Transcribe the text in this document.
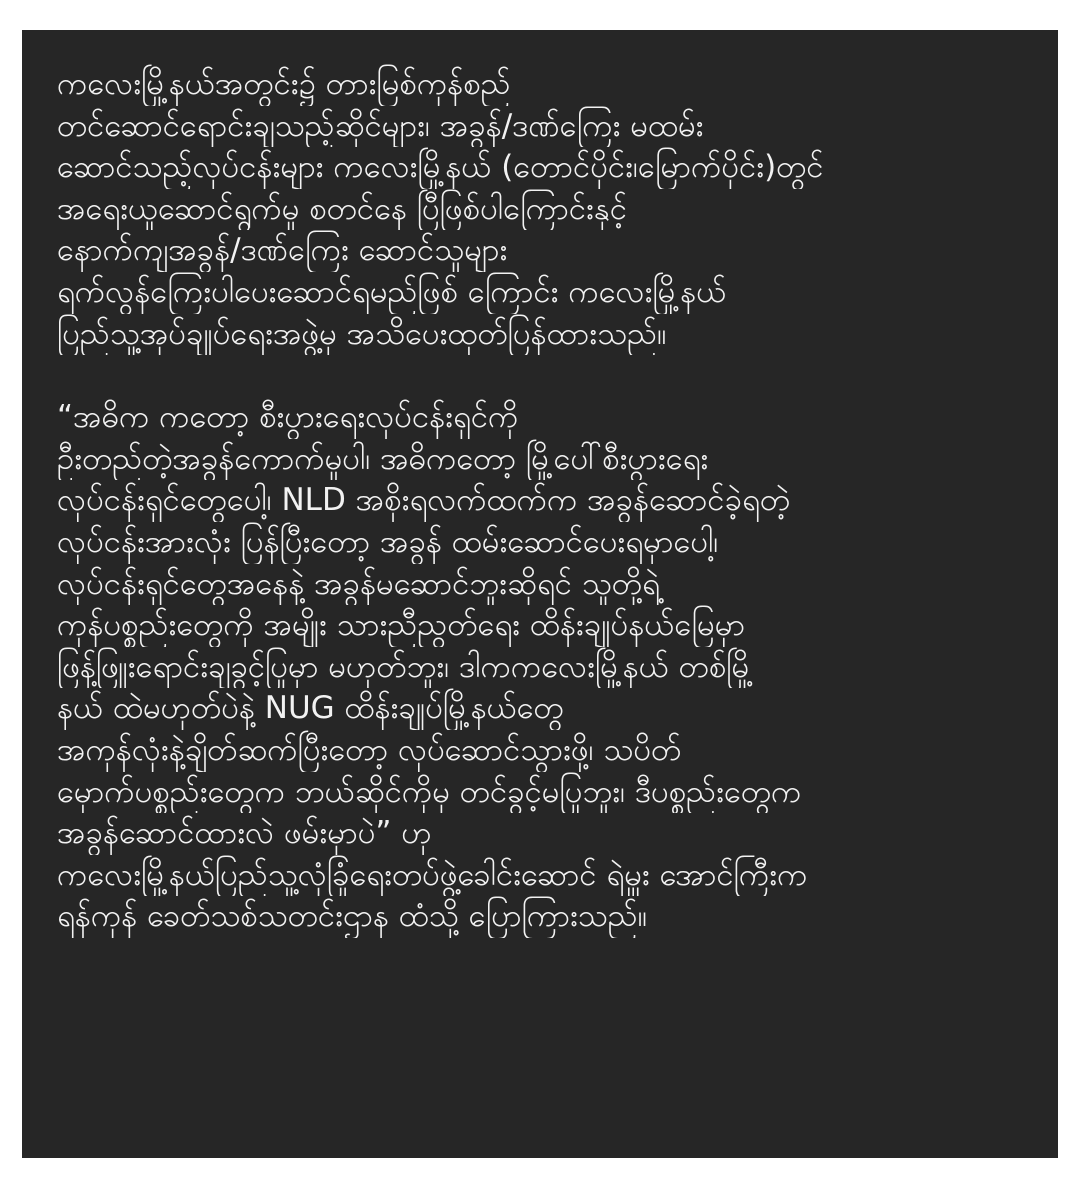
ကလေးမြို့နယ်အတွင်း၌ တားမြစ်ကုန်စည်
တင်ဆောင်ရောင်းချသည့်ဆိုင်များ၊ အခွန်/ဒဏ်ကြေး မထမ်း
ဆောင်သည့်လုပ်ငန်းများ ကလေးမြို့နယ် (တောင်ပိုင်း၊မြောက်ပိုင်း)တွင်
အရေးယူဆောင်ရွက်မှု စတင်နေ ပြီဖြစ်ပါကြောင်းနှင့်
နောက်ကျအခွန်/ဒဏ်ကြေး ဆောင်သူများ
ရက်လွန်ကြေးပါပေးဆောင်ရမည်ဖြစ် ကြောင်း ကလေးမြို့နယ်
ပြည်သူ့အုပ်ချုပ်ရေးအဖွဲ့မှ အသိပေးထုတ်ပြန်ထားသည်။

“အဓိက ကတော့ စီးပွားရေးလုပ်ငန်းရှင်ကို
ဦးတည်တဲ့အခွန်ကောက်မှုပါ၊ အဓိကတော့ မြို့ပေါ်စီးပွားရေး
လုပ်ငန်းရှင်တွေပေါ့၊ NLD အစိုးရလက်ထက်က အခွန်ဆောင်ခဲ့ရတဲ့
လုပ်ငန်းအားလုံး ပြန်ပြီးတော့ အခွန် ထမ်းဆောင်ပေးရမှာပေါ့၊
လုပ်ငန်းရှင်တွေအနေနဲ့ အခွန်မဆောင်ဘူးဆိုရင် သူတို့ရဲ့
ကုန်ပစ္စည်းတွေကို အမျိုး သားညီညွတ်ရေး ထိန်းချုပ်နယ်မြေမှာ
ဖြန့်ဖြူးရောင်းချခွင့်ပြုမှာ မဟုတ်ဘူး၊ ဒါကကလေးမြို့နယ် တစ်မြို့
နယ် ထဲမဟုတ်ပဲနဲ့ NUG ထိန်းချုပ်မြို့နယ်တွေ
အကုန်လုံးနဲ့ချိတ်ဆက်ပြီးတော့ လုပ်ဆောင်သွားဖို့၊ သပိတ်
မှောက်ပစ္စည်းတွေက ဘယ်ဆိုင်ကိုမှ တင်ခွင့်မပြုဘူး၊ ဒီပစ္စည်းတွေက
အခွန်ဆောင်ထားလဲ ဖမ်းမှာပဲ” ဟု
ကလေးမြို့နယ်ပြည်သူ့လုံခြုံရေးတပ်ဖွဲ့ခေါင်းဆောင် ရဲမှူး အောင်ကြီးက
ရန်ကုန် ခေတ်သစ်သတင်းဌာန ထံသို့ ပြောကြားသည်။
